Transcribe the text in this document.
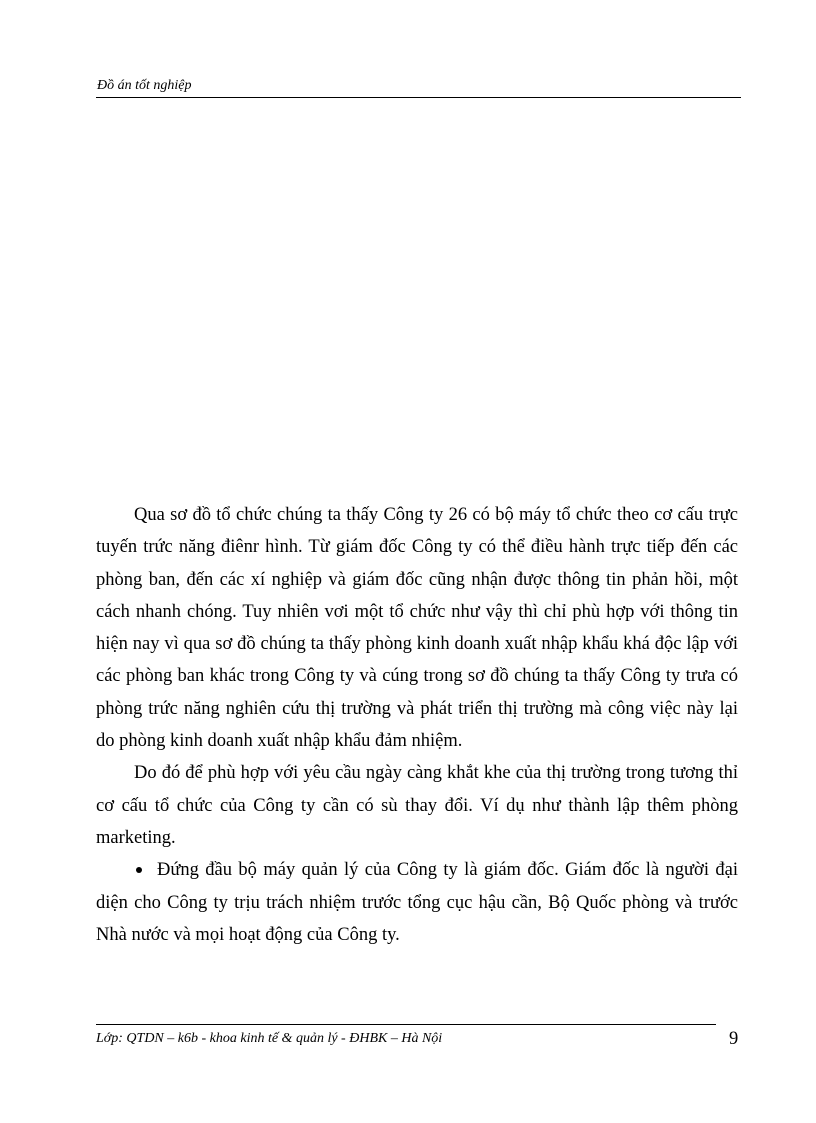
Đồ án tốt nghiệp

Qua sơ đồ tổ chức chúng ta thấy Công ty 26 có bộ máy tổ chức theo cơ cấu trực tuyến trức năng điênr hình. Từ giám đốc Công ty có thể điều hành trực tiếp đến các phòng ban, đến các xí nghiệp và giám đốc cũng nhận được thông tin phản hồi, một cách nhanh chóng. Tuy nhiên vơi một tổ chức như vậy thì chỉ phù hợp với thông tin hiện nay vì qua sơ đồ chúng ta thấy phòng kinh doanh xuất nhập khẩu khá độc lập với các phòng ban khác trong Công ty và cúng trong sơ đồ chúng ta thấy Công ty trưa có phòng trức năng nghiên cứu thị trường và phát triển thị trường mà công việc này lại do phòng kinh doanh xuất nhập khẩu đảm nhiệm.

Do đó để phù hợp với yêu cầu ngày càng khắt khe của thị trường trong tương thỉ cơ cấu tổ chức của Công ty cần có sù thay đổi. Ví dụ như thành lập thêm phòng marketing.

Đứng đầu bộ máy quản lý của Công ty là giám đốc. Giám đốc là người đại diện cho Công ty trịu trách nhiệm trước tổng cục hậu cần, Bộ Quốc phòng và trước Nhà nước và mọi hoạt động của Công ty.

Lớp: QTDN – k6b - khoa kinh tế & quản lý - ĐHBK – Hà Nội	9
